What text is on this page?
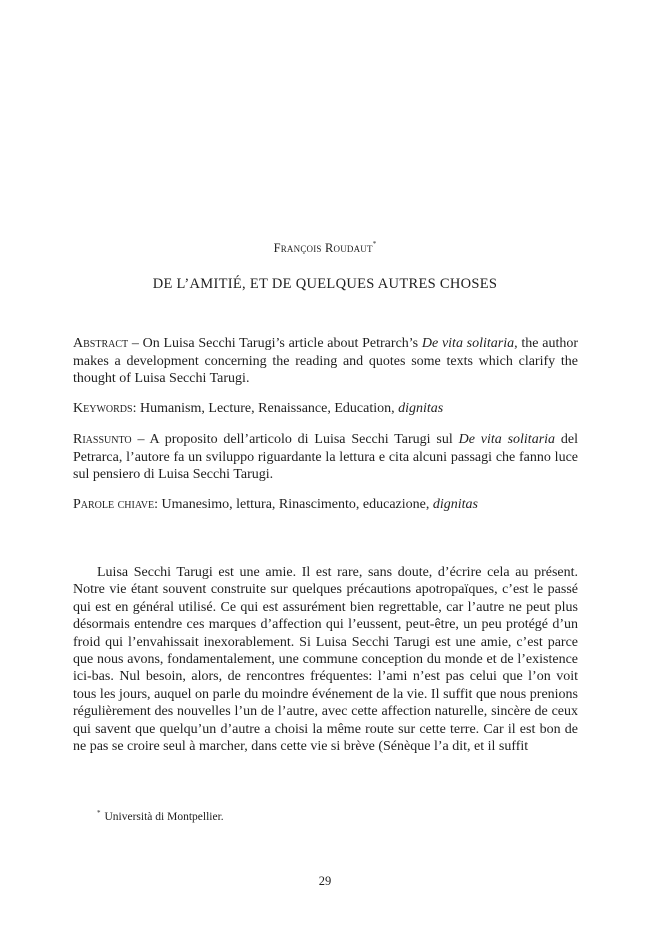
François Roudaut*
DE L’AMITIÉ, ET DE QUELQUES AUTRES CHOSES
Abstract – On Luisa Secchi Tarugi’s article about Petrarch’s De vita solitaria, the author makes a development concerning the reading and quotes some texts which clarify the thought of Luisa Secchi Tarugi.
Keywords: Humanism, Lecture, Renaissance, Education, dignitas
Riassunto – A proposito dell’articolo di Luisa Secchi Tarugi sul De vita solitaria del Petrarca, l’autore fa un sviluppo riguardante la lettura e cita alcuni passagi che fanno luce sul pensiero di Luisa Secchi Tarugi.
Parole chiave: Umanesimo, lettura, Rinascimento, educazione, dignitas

Luisa Secchi Tarugi est une amie. Il est rare, sans doute, d’écrire cela au présent. Notre vie étant souvent construite sur quelques précautions apotropaïques, c’est le passé qui est en général utilisé. Ce qui est assurément bien regrettable, car l’autre ne peut plus désormais entendre ces marques d’affection qui l’eussent, peut-être, un peu protégé d’un froid qui l’envahissait inexorablement. Si Luisa Secchi Tarugi est une amie, c’est parce que nous avons, fondamentalement, une commune conception du monde et de l’existence ici-bas. Nul besoin, alors, de rencontres fréquentes: l’ami n’est pas celui que l’on voit tous les jours, auquel on parle du moindre événement de la vie. Il suffit que nous prenions régulièrement des nouvelles l’un de l’autre, avec cette affection naturelle, sincère de ceux qui savent que quelqu’un d’autre a choisi la même route sur cette terre. Car il est bon de ne pas se croire seul à marcher, dans cette vie si brève (Sénèque l’a dit, et il suffit

* Università di Montpellier.
29
